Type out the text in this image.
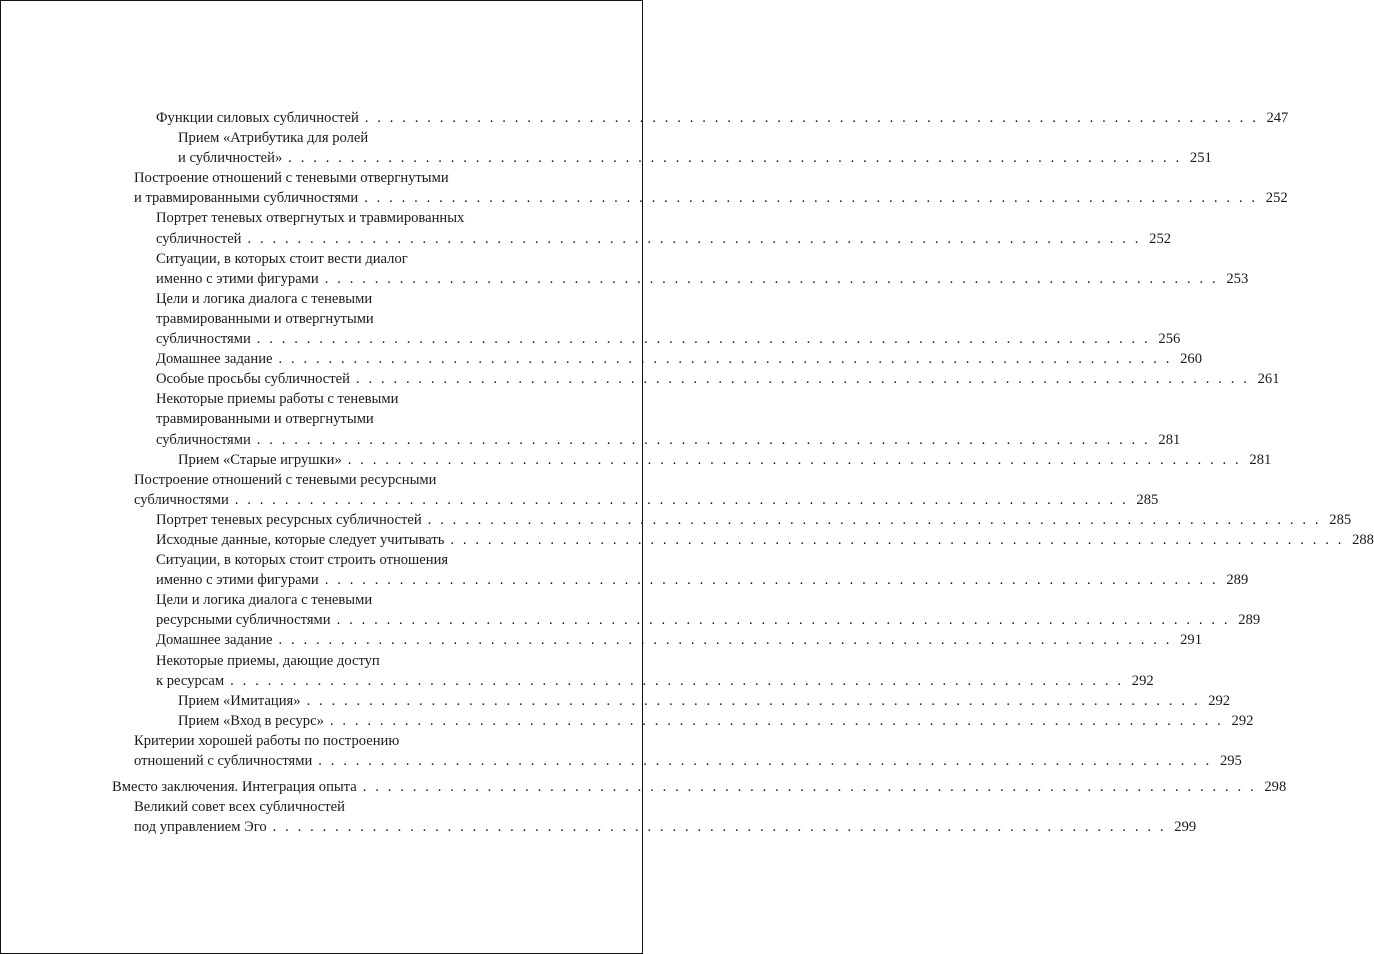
Функции силовых субличностей . . . . . . . . . . . . . . . . . . . . . . . . . . . . . . . . . . . . . . . . . . . . . . . . . . . . . . . . . . . . . . . . . . . . . . . . 247
Прием «Атрибутика для ролей
и субличностей» . . . . . . . . . . . . . . . . . . . . . . . . . . . . . . . . . . . . . . . . . . . . . . . . . . . . . . . . . . . . . . . . . . . . . . . . 251
Построение отношений с теневыми отвергнутыми
и травмированными субличностями . . . . . . . . . . . . . . . . . . . . . . . . . . . . . . . . . . . . . . . . . . . . . . . . . . . . . . . . . . . . . . . . . . . . . . . . 252
Портрет теневых отвергнутых и травмированных
субличностей . . . . . . . . . . . . . . . . . . . . . . . . . . . . . . . . . . . . . . . . . . . . . . . . . . . . . . . . . . . . . . . . . . . . . . . . 252
Ситуации, в которых стоит вести диалог
именно с этими фигурами . . . . . . . . . . . . . . . . . . . . . . . . . . . . . . . . . . . . . . . . . . . . . . . . . . . . . . . . . . . . . . . . . . . . . . . . 253
Цели и логика диалога с теневыми
травмированными и отвергнутыми
субличностями . . . . . . . . . . . . . . . . . . . . . . . . . . . . . . . . . . . . . . . . . . . . . . . . . . . . . . . . . . . . . . . . . . . . . . . . 256
Домашнее задание . . . . . . . . . . . . . . . . . . . . . . . . . . . . . . . . . . . . . . . . . . . . . . . . . . . . . . . . . . . . . . . . . . . . . . . . 260
Особые просьбы субличностей . . . . . . . . . . . . . . . . . . . . . . . . . . . . . . . . . . . . . . . . . . . . . . . . . . . . . . . . . . . . . . . . . . . . . . . . 261
Некоторые приемы работы с теневыми
травмированными и отвергнутыми
субличностями . . . . . . . . . . . . . . . . . . . . . . . . . . . . . . . . . . . . . . . . . . . . . . . . . . . . . . . . . . . . . . . . . . . . . . . . 281
Прием «Старые игрушки» . . . . . . . . . . . . . . . . . . . . . . . . . . . . . . . . . . . . . . . . . . . . . . . . . . . . . . . . . . . . . . . . . . . . . . . . 281
Построение отношений с теневыми ресурсными
субличностями . . . . . . . . . . . . . . . . . . . . . . . . . . . . . . . . . . . . . . . . . . . . . . . . . . . . . . . . . . . . . . . . . . . . . . . . 285
Портрет теневых ресурсных субличностей . . . . . . . . . . . . . . . . . . . . . . . . . . . . . . . . . . . . . . . . . . . . . . . . . . . . . . . . . . . . . . . . . . . . . . . . 285
Исходные данные, которые следует учитывать . . . . . . . . . . . . . . . . . . . . . . . . . . . . . . . . . . . . . . . . . . . . . . . . . . . . . . . . . . . . . . . . . . . . . . . . 288
Ситуации, в которых стоит строить отношения
именно с этими фигурами . . . . . . . . . . . . . . . . . . . . . . . . . . . . . . . . . . . . . . . . . . . . . . . . . . . . . . . . . . . . . . . . . . . . . . . . 289
Цели и логика диалога с теневыми
ресурсными субличностями . . . . . . . . . . . . . . . . . . . . . . . . . . . . . . . . . . . . . . . . . . . . . . . . . . . . . . . . . . . . . . . . . . . . . . . . 289
Домашнее задание . . . . . . . . . . . . . . . . . . . . . . . . . . . . . . . . . . . . . . . . . . . . . . . . . . . . . . . . . . . . . . . . . . . . . . . . 291
Некоторые приемы, дающие доступ
к ресурсам . . . . . . . . . . . . . . . . . . . . . . . . . . . . . . . . . . . . . . . . . . . . . . . . . . . . . . . . . . . . . . . . . . . . . . . . 292
Прием «Имитация» . . . . . . . . . . . . . . . . . . . . . . . . . . . . . . . . . . . . . . . . . . . . . . . . . . . . . . . . . . . . . . . . . . . . . . . . 292
Прием «Вход в ресурс» . . . . . . . . . . . . . . . . . . . . . . . . . . . . . . . . . . . . . . . . . . . . . . . . . . . . . . . . . . . . . . . . . . . . . . . . 292
Критерии хорошей работы по построению
отношений с субличностями . . . . . . . . . . . . . . . . . . . . . . . . . . . . . . . . . . . . . . . . . . . . . . . . . . . . . . . . . . . . . . . . . . . . . . . . 295
Вместо заключения. Интеграция опыта . . . . . . . . . . . . . . . . . . . . . . . . . . . . . . . . . . . . . . . . . . . . . . . . . . . . . . . . . . . . . . . . . . . . . . . . 298
Великий совет всех субличностей
под управлением Эго . . . . . . . . . . . . . . . . . . . . . . . . . . . . . . . . . . . . . . . . . . . . . . . . . . . . . . . . . . . . . . . . . . . . . . . . 299
